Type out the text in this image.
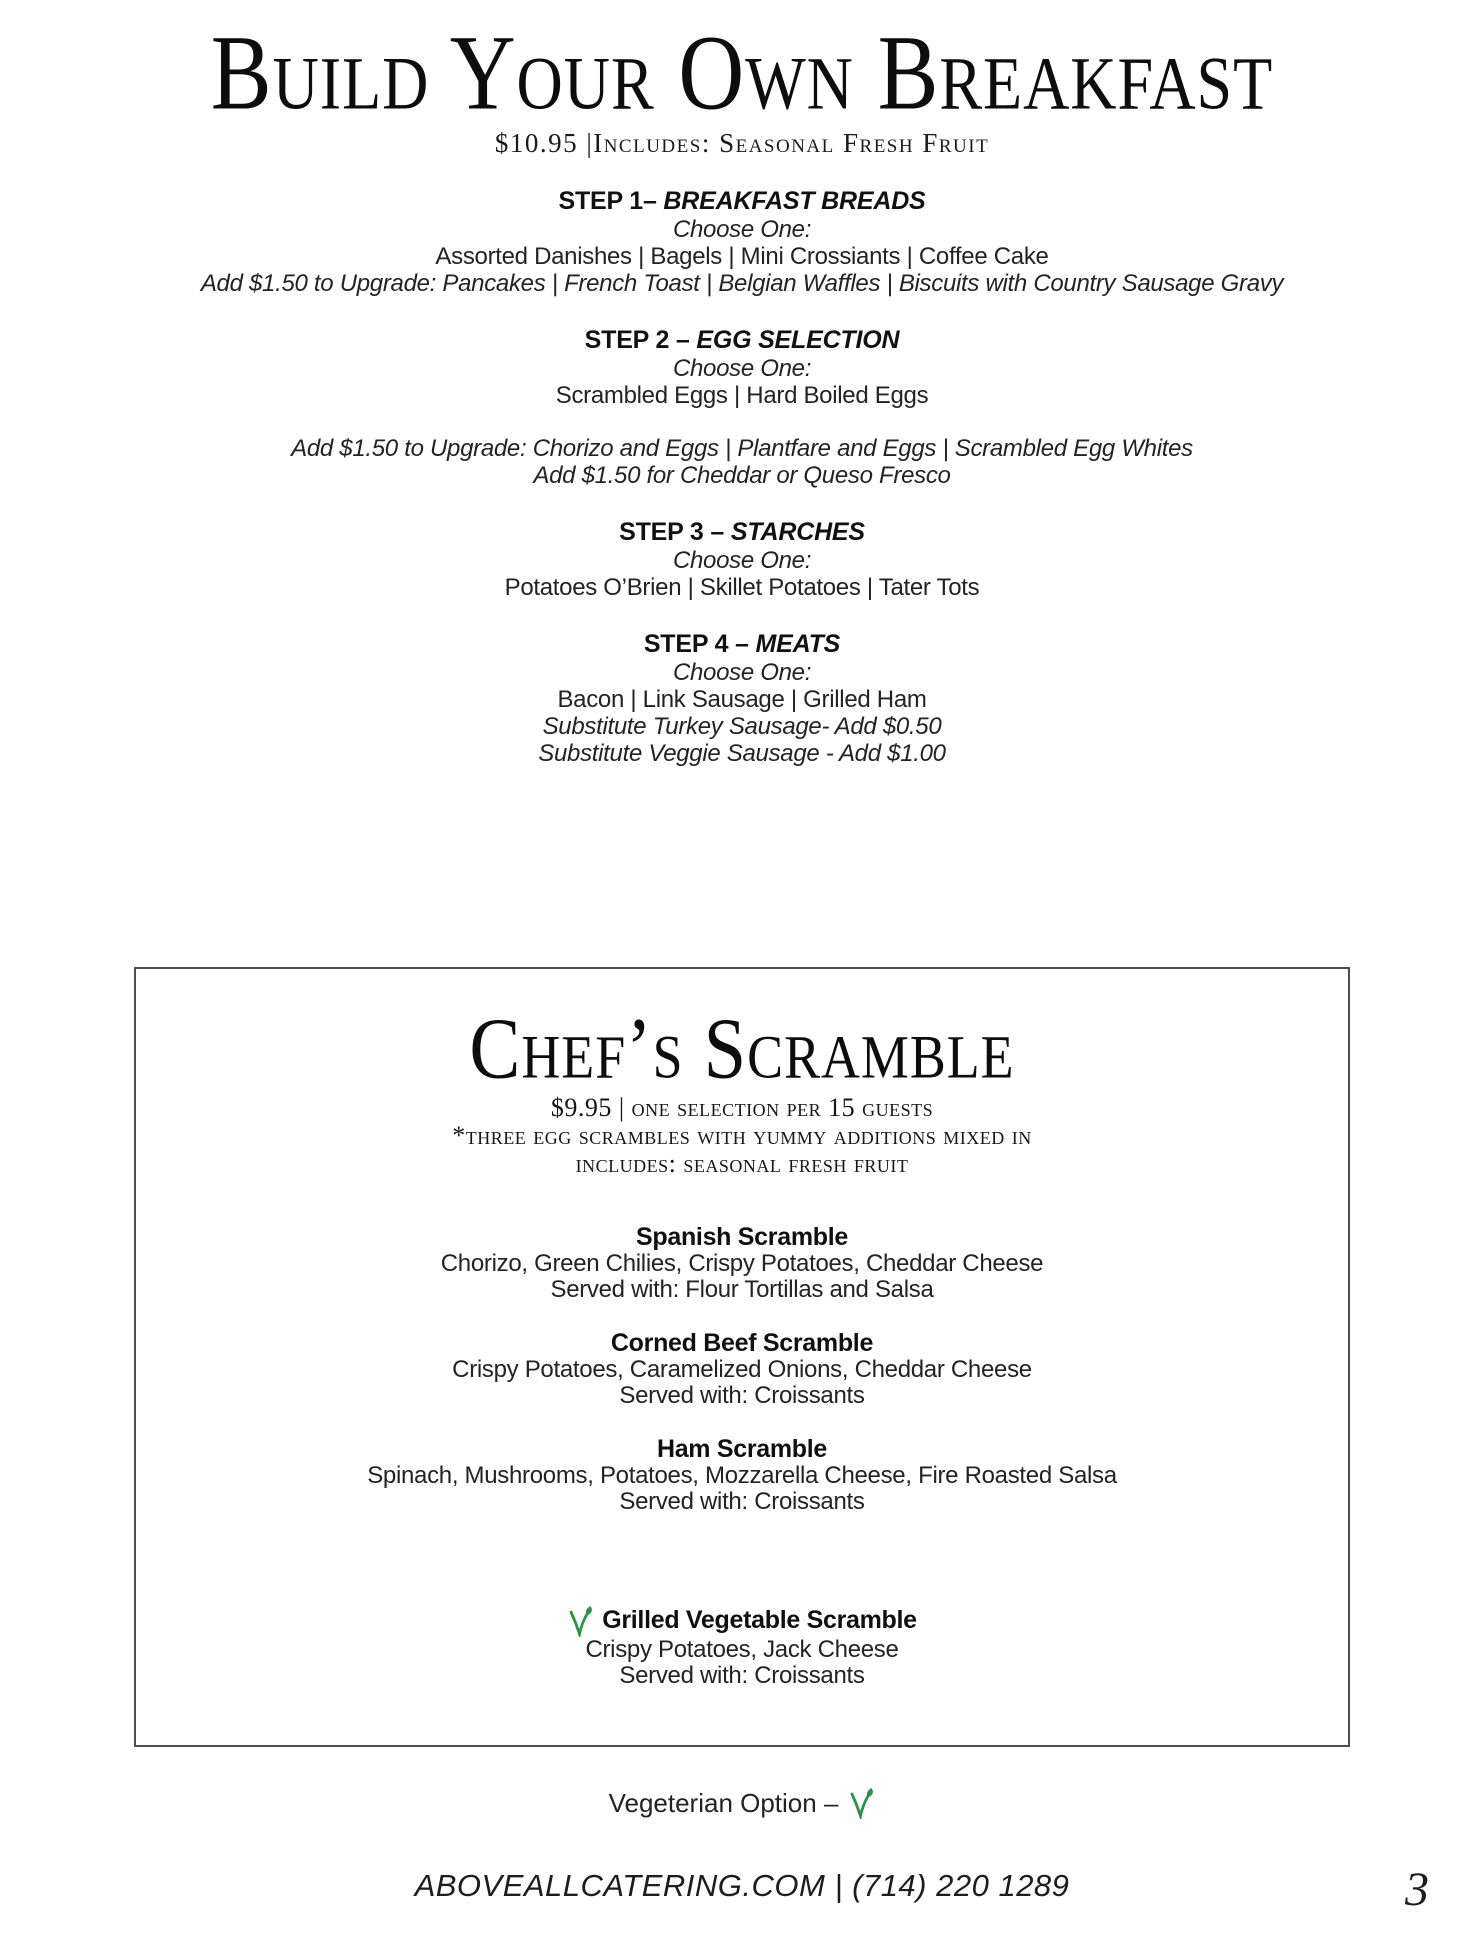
Build Your Own Breakfast
$10.95 |Includes: Seasonal Fresh Fruit
STEP 1– BREAKFAST BREADS
Choose One:
Assorted Danishes | Bagels | Mini Crossiants | Coffee Cake
Add $1.50 to Upgrade: Pancakes | French Toast | Belgian Waffles | Biscuits with Country Sausage Gravy
STEP 2 – EGG SELECTION
Choose One:
Scrambled Eggs | Hard Boiled Eggs
Add $1.50 to Upgrade: Chorizo and Eggs | Plantfare and Eggs | Scrambled Egg Whites
Add $1.50 for Cheddar or Queso Fresco
STEP 3 – STARCHES
Choose One:
Potatoes O’Brien | Skillet Potatoes | Tater Tots
STEP 4 – MEATS
Choose One:
Bacon | Link Sausage | Grilled Ham
Substitute Turkey Sausage- Add $0.50
Substitute Veggie Sausage - Add $1.00
Chef’s Scramble
$9.95 | one selection per 15 guests
*three egg scrambles with yummy additions mixed in
includes: seasonal fresh fruit
Spanish Scramble
Chorizo, Green Chilies, Crispy Potatoes, Cheddar Cheese
Served with: Flour Tortillas and Salsa
Corned Beef Scramble
Crispy Potatoes, Caramelized Onions, Cheddar Cheese
Served with: Croissants
Ham Scramble
Spinach, Mushrooms, Potatoes, Mozzarella Cheese, Fire Roasted Salsa
Served with: Croissants
Grilled Vegetable Scramble
Crispy Potatoes, Jack Cheese
Served with: Croissants
Vegeterian Option –
ABOVEALLCATERING.COM | (714) 220 1289	3
